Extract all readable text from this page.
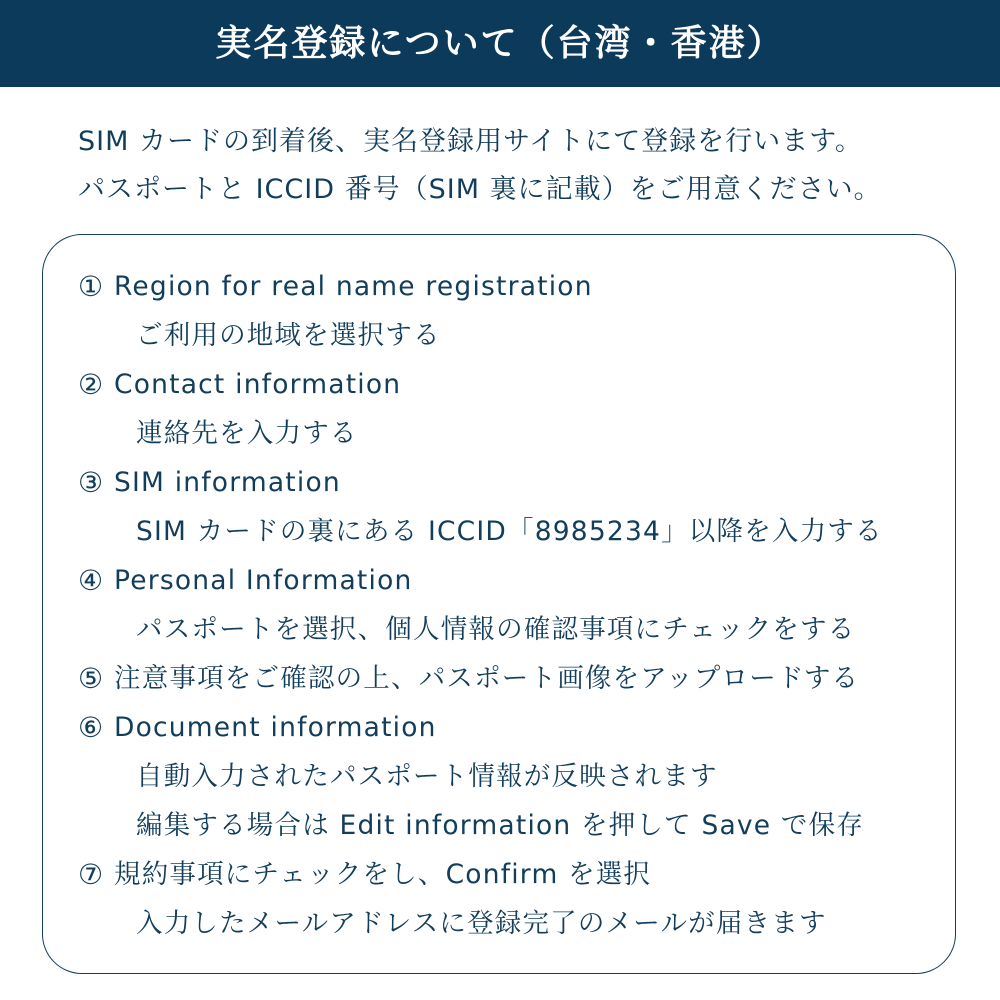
実名登録について（台湾・香港）
SIM カードの到着後、実名登録用サイトにて登録を行います。
パスポートと ICCID 番号（SIM 裏に記載）をご用意ください。
① Region for real name registration
ご利用の地域を選択する
② Contact information
連絡先を入力する
③ SIM information
SIM カードの裏にある ICCID「8985234」以降を入力する
④ Personal Information
パスポートを選択、個人情報の確認事項にチェックをする
⑤ 注意事項をご確認の上、パスポート画像をアップロードする
⑥ Document information
自動入力されたパスポート情報が反映されます
編集する場合は Edit information を押して Save で保存
⑦ 規約事項にチェックをし、Confirm を選択
入力したメールアドレスに登録完了のメールが届きます
